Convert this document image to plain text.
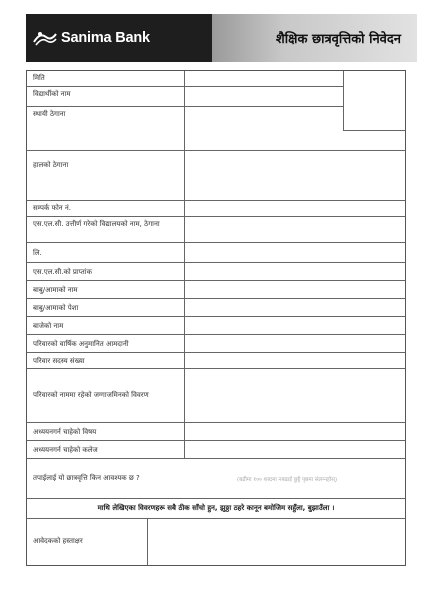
Sanima Bank	शैक्षिक छात्रवृत्तिको निवेदन
मिति
विद्यार्थीको नाम
स्थायी ठेगाना
हालको ठेगाना
सम्पर्क फोन नं.
एस.एल.सी. उत्तीर्ण गरेको विद्यालयको नाम, ठेगाना
लि.
एस.एल.सी.को प्राप्तांक
बाबु/आमाको नाम
बाबु/आमाको पेशा
बाजेको नाम
परिवारको वार्षिक अनुमानित आमदानी
परिवार सदस्य संख्या
परिवारको नाममा रहेको जग्गाजमिनको विवरण
अध्ययनगर्न चाहेको विषय
अध्ययनगर्न चाहेको कलेज
तपाईलाई यो छात्रवृत्ति किन आवश्यक छ ?	(बढीमा १०० शब्दमा नबढाई छुट्टै पृष्ठमा संलग्नहोस्)
माथि लेखिएका विवरणहरू सबै ठीक साँचो हुन, झुठ्ठा ठहरे कानून बमोजिम सहुँला, बुझाउँला ।
आवेदकको हस्ताक्षर
